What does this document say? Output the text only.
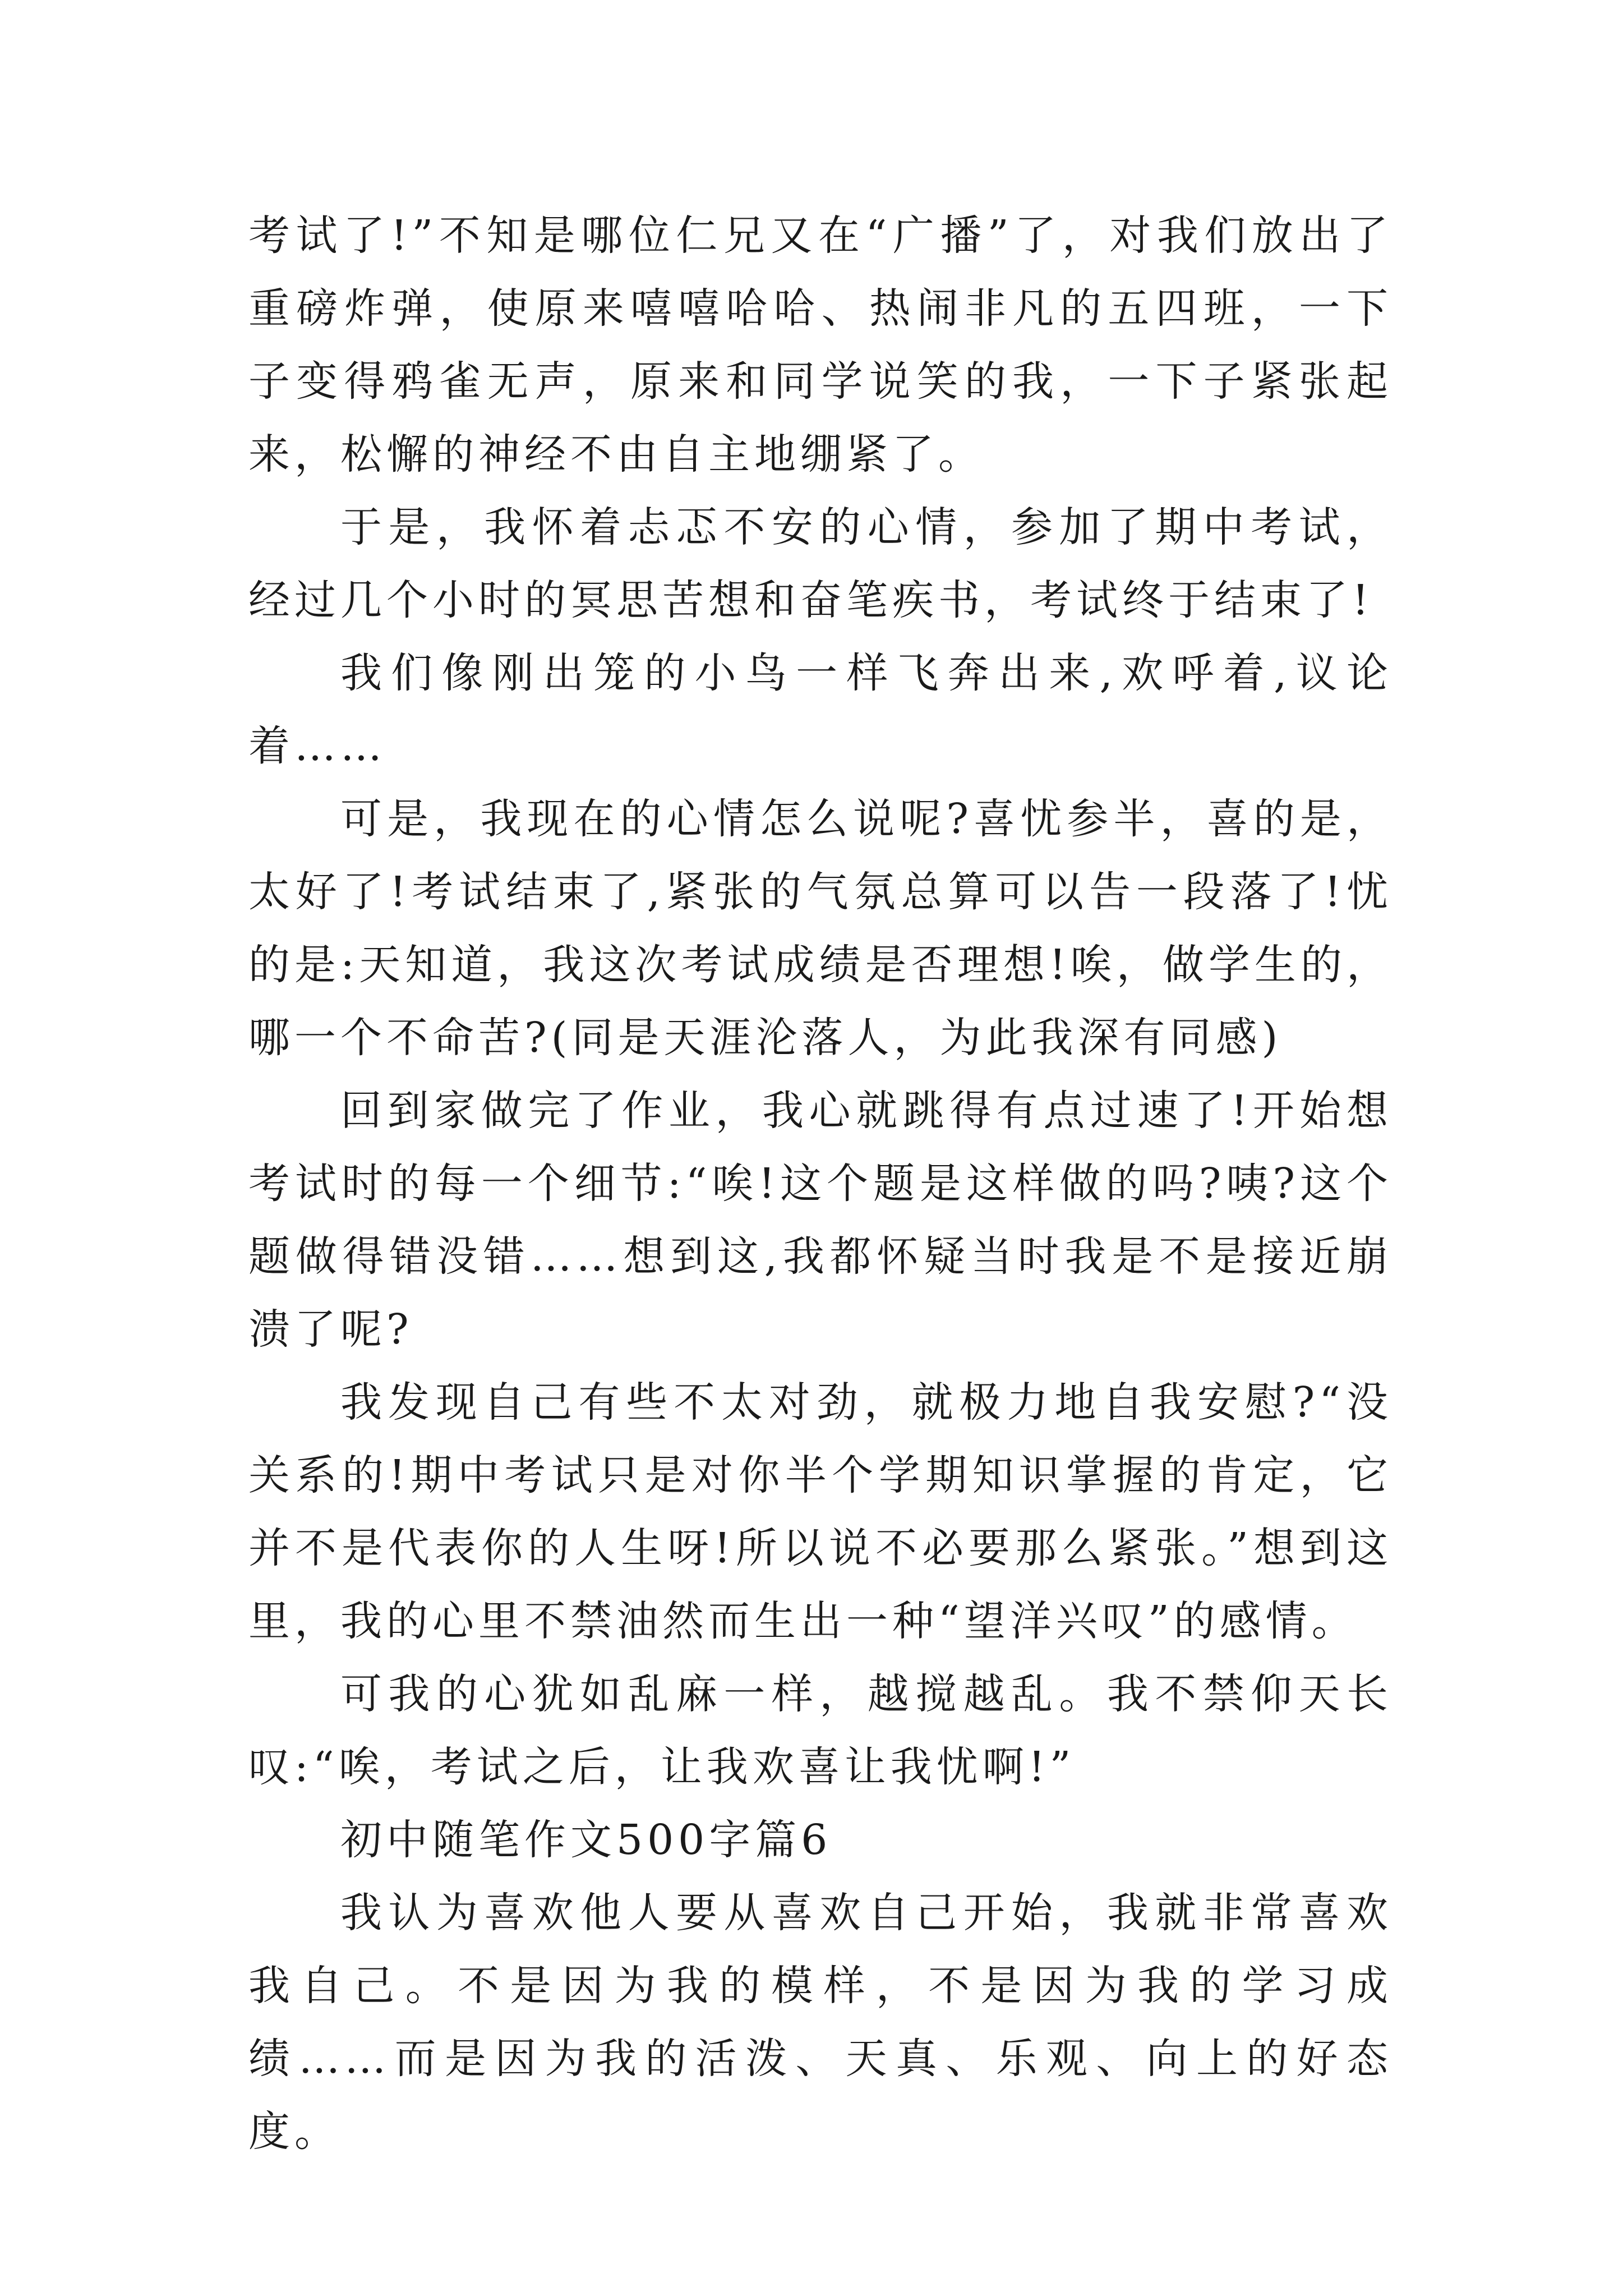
考试了!”不知是哪位仁兄又在“广播”了，对我们放出了重磅炸弹，使原来嘻嘻哈哈、热闹非凡的五四班，一下子变得鸦雀无声，原来和同学说笑的我，一下子紧张起来，松懈的神经不由自主地绷紧了。

于是，我怀着忐忑不安的心情，参加了期中考试，经过几个小时的冥思苦想和奋笔疾书，考试终于结束了!

我们像刚出笼的小鸟一样飞奔出来,欢呼着,议论着……

可是，我现在的心情怎么说呢?喜忧参半，喜的是，太好了!考试结束了,紧张的气氛总算可以告一段落了!忧的是:天知道，我这次考试成绩是否理想!唉，做学生的，哪一个不命苦?(同是天涯沦落人，为此我深有同感)

回到家做完了作业，我心就跳得有点过速了!开始想考试时的每一个细节:“唉!这个题是这样做的吗?咦?这个题做得错没错……想到这,我都怀疑当时我是不是接近崩溃了呢?

我发现自己有些不太对劲，就极力地自我安慰?“没关系的!期中考试只是对你半个学期知识掌握的肯定，它并不是代表你的人生呀!所以说不必要那么紧张。”想到这里，我的心里不禁油然而生出一种“望洋兴叹”的感情。

可我的心犹如乱麻一样，越搅越乱。我不禁仰天长叹:“唉，考试之后，让我欢喜让我忧啊!”

初中随笔作文500字篇6

我认为喜欢他人要从喜欢自己开始，我就非常喜欢我自己。不是因为我的模样，不是因为我的学习成绩……而是因为我的活泼、天真、乐观、向上的好态度。
